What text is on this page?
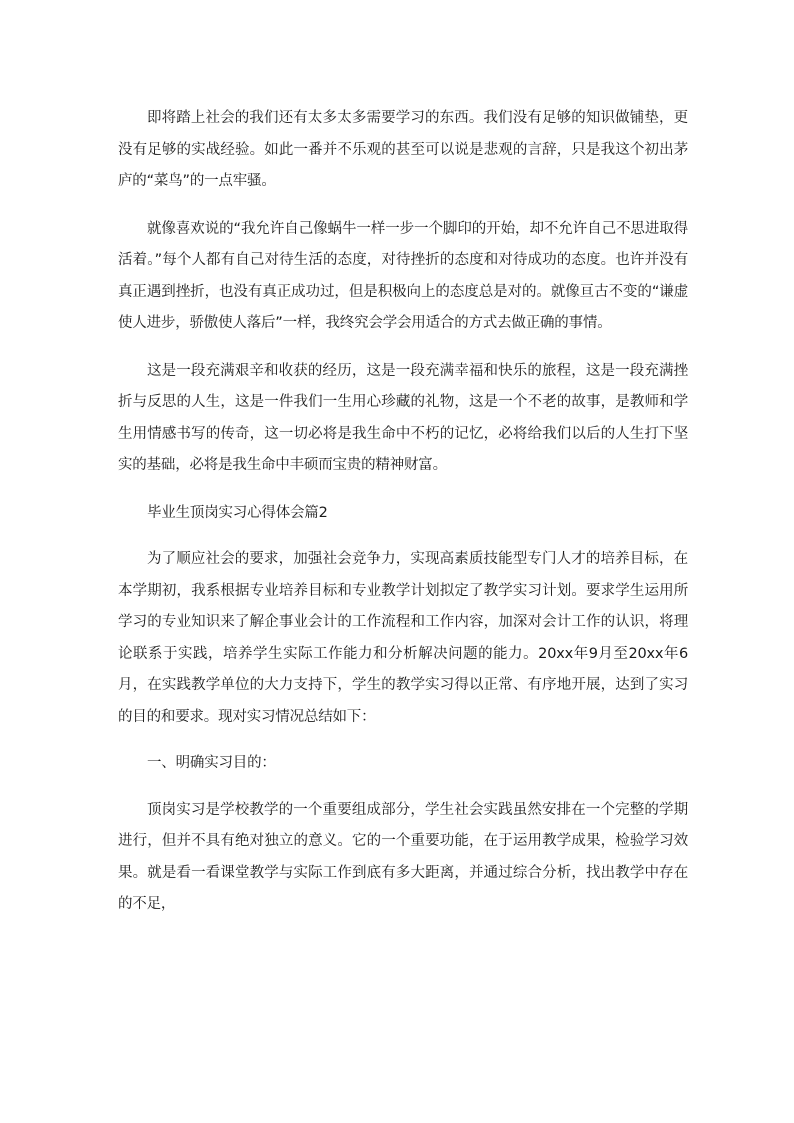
即将踏上社会的我们还有太多太多需要学习的东西。我们没有足够的知识做铺垫，更没有足够的实战经验。如此一番并不乐观的甚至可以说是悲观的言辞，只是我这个初出茅庐的“菜鸟”的一点牢骚。

就像喜欢说的“我允许自己像蜗牛一样一步一个脚印的开始，却不允许自己不思进取得活着。”每个人都有自己对待生活的态度，对待挫折的态度和对待成功的态度。也许并没有真正遇到挫折，也没有真正成功过，但是积极向上的态度总是对的。就像亘古不变的“谦虚使人进步，骄傲使人落后”一样，我终究会学会用适合的方式去做正确的事情。

这是一段充满艰辛和收获的经历，这是一段充满幸福和快乐的旅程，这是一段充满挫折与反思的人生，这是一件我们一生用心珍藏的礼物，这是一个不老的故事，是教师和学生用情感书写的传奇，这一切必将是我生命中不朽的记忆，必将给我们以后的人生打下坚实的基础，必将是我生命中丰硕而宝贵的精神财富。

毕业生顶岗实习心得体会篇2

为了顺应社会的要求，加强社会竞争力，实现高素质技能型专门人才的培养目标，在本学期初，我系根据专业培养目标和专业教学计划拟定了教学实习计划。要求学生运用所学习的专业知识来了解企事业会计的工作流程和工作内容，加深对会计工作的认识，将理论联系于实践，培养学生实际工作能力和分析解决问题的能力。20xx年9月至20xx年6月，在实践教学单位的大力支持下，学生的教学实习得以正常、有序地开展，达到了实习的目的和要求。现对实习情况总结如下：

一、明确实习目的：

顶岗实习是学校教学的一个重要组成部分，学生社会实践虽然安排在一个完整的学期进行，但并不具有绝对独立的意义。它的一个重要功能，在于运用教学成果，检验学习效果。就是看一看课堂教学与实际工作到底有多大距离，并通过综合分析，找出教学中存在的不足，
